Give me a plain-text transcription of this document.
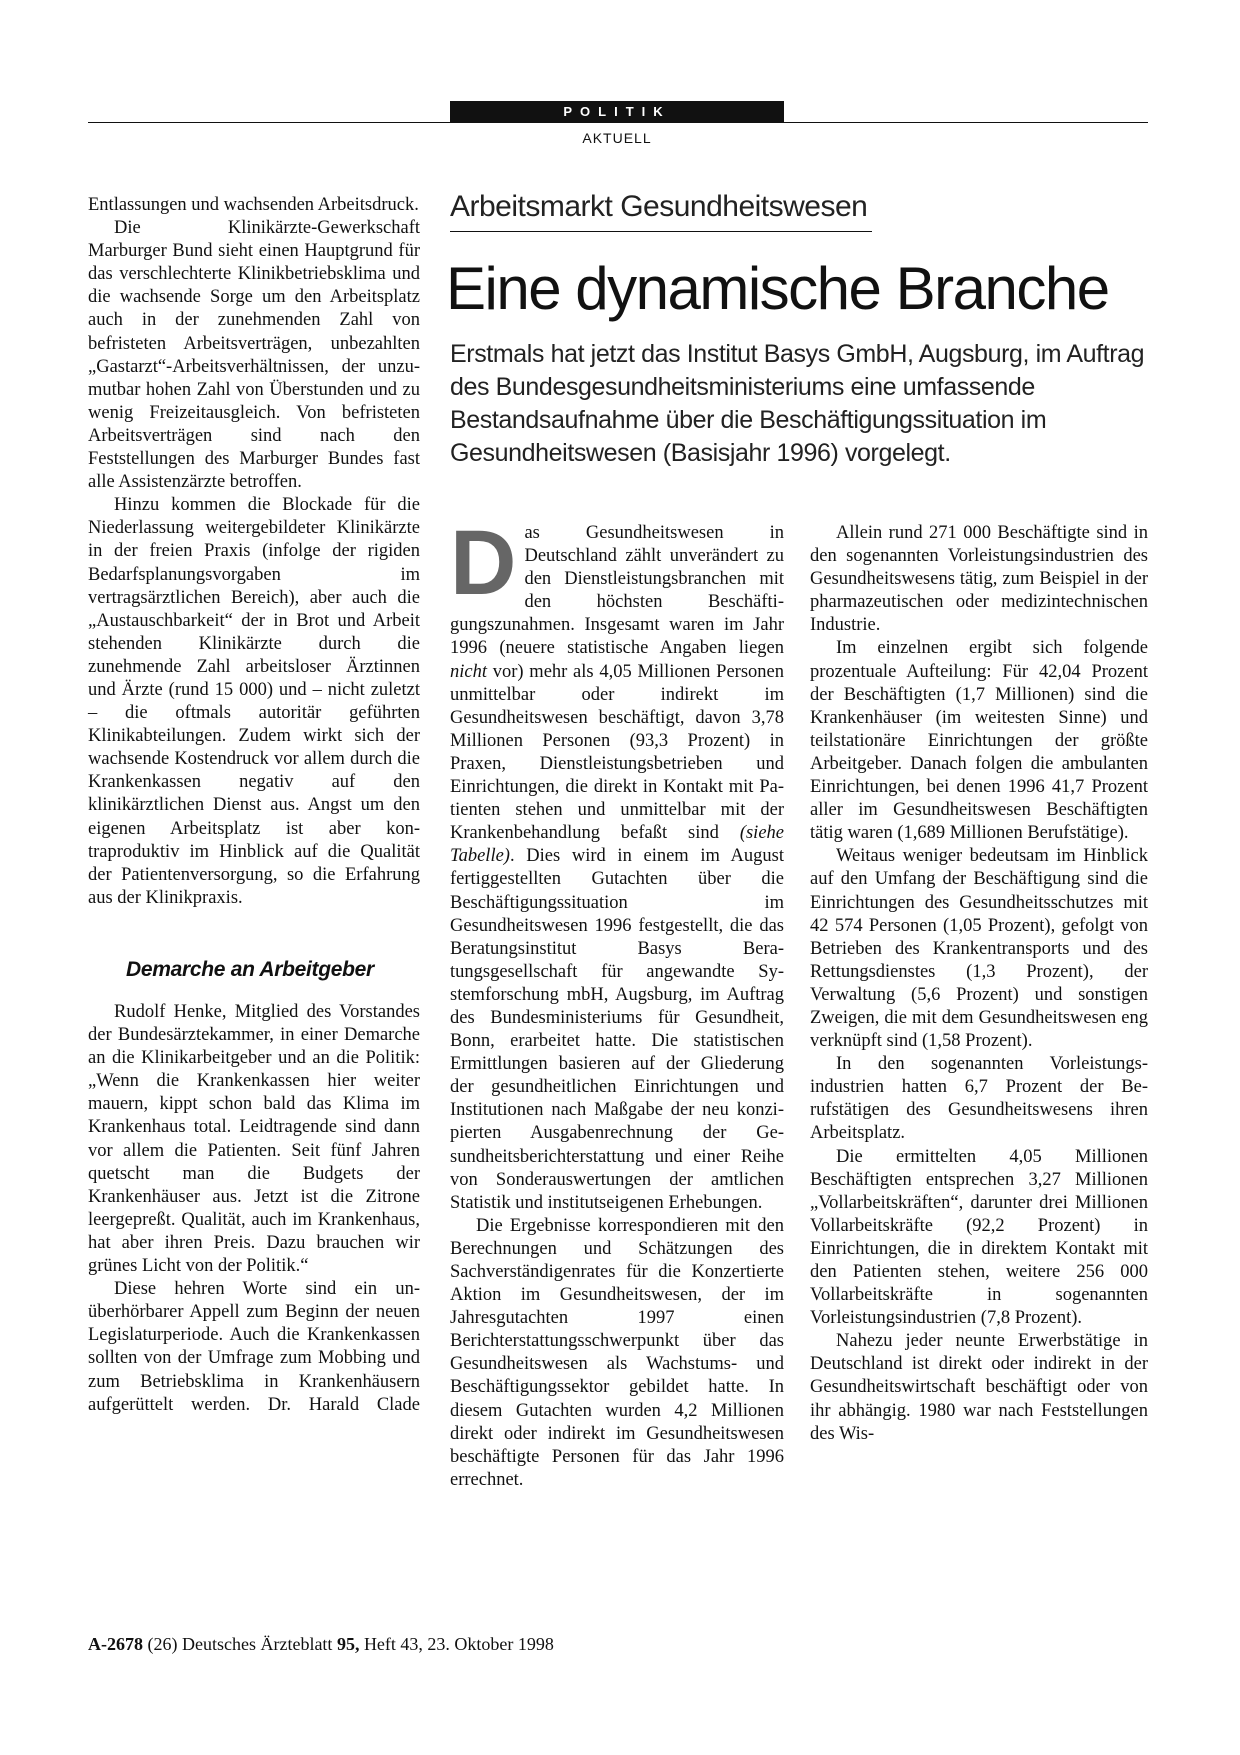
POLITIK
AKTUELL

Entlassungen und wachsenden Arbeitsdruck.

Die Klinikärzte-Gewerkschaft Marburger Bund sieht einen Hauptgrund für das verschlechterte Klinikbetriebsklima und die wachsende Sorge um den Arbeitsplatz auch in der zunehmenden Zahl von befristeten Arbeitsverträgen, unbezahlten „Gastarzt“-Arbeitsverhältnissen, der unzumutbar hohen Zahl von Überstunden und zu wenig Freizeitausgleich. Von befristeten Arbeitsverträgen sind nach den Feststellungen des Marburger Bundes fast alle Assistenzärzte betroffen.

Hinzu kommen die Blockade für die Niederlassung weitergebildeter Klinikärzte in der freien Praxis (infolge der rigiden Bedarfsplanungsvorgaben im vertragsärztlichen Bereich), aber auch die „Austauschbarkeit“ der in Brot und Arbeit stehenden Klinikärzte durch die zunehmende Zahl arbeitsloser Ärztinnen und Ärzte (rund 15 000) und – nicht zuletzt – die oftmals autoritär geführten Klinikabteilungen. Zudem wirkt sich der wachsende Kostendruck vor allem durch die Krankenkassen negativ auf den klinikärztlichen Dienst aus. Angst um den eigenen Arbeitsplatz ist aber kontraproduktiv im Hinblick auf die Qualität der Patientenversorgung, so die Erfahrung aus der Klinikpraxis.

Demarche an Arbeitgeber

Rudolf Henke, Mitglied des Vorstandes der Bundesärztekammer, in einer Demarche an die Klinikarbeitgeber und an die Politik: „Wenn die Krankenkassen hier weiter mauern, kippt schon bald das Klima im Krankenhaus total. Leidtragende sind dann vor allem die Patienten. Seit fünf Jahren quetscht man die Budgets der Krankenhäuser aus. Jetzt ist die Zitrone leergepreßt. Qualität, auch im Krankenhaus, hat aber ihren Preis. Dazu brauchen wir grünes Licht von der Politik.“

Diese hehren Worte sind ein unüberhörbarer Appell zum Beginn der neuen Legislaturperiode. Auch die Krankenkassen sollten von der Umfrage zum Mobbing und zum Betriebsklima in Krankenhäusern aufgerüttelt werden. Dr. Harald Clade

Arbeitsmarkt Gesundheitswesen
Eine dynamische Branche
Erstmals hat jetzt das Institut Basys GmbH, Augsburg, im Auftrag des Bundesgesundheitsministeriums eine umfassende Bestandsaufnahme über die Beschäftigungssituation im Gesundheitswesen (Basisjahr 1996) vorgelegt.

Das Gesundheitswesen in Deutschland zählt unverändert zu den Dienstleistungsbranchen mit den höchsten Beschäftigungszunahmen. Insgesamt waren im Jahr 1996 (neuere statistische Angaben liegen nicht vor) mehr als 4,05 Millionen Personen unmittelbar oder indirekt im Gesundheitswesen beschäftigt, davon 3,78 Millionen Personen (93,3 Prozent) in Praxen, Dienstleistungsbetrieben und Einrichtungen, die direkt in Kontakt mit Patienten stehen und unmittelbar mit der Krankenbehandlung befaßt sind (siehe Tabelle). Dies wird in einem im August fertiggestellten Gutachten über die Beschäftigungssituation im Gesundheitswesen 1996 festgestellt, die das Beratungsinstitut Basys Beratungsgesellschaft für angewandte Systemforschung mbH, Augsburg, im Auftrag des Bundesministeriums für Gesundheit, Bonn, erarbeitet hatte. Die statistischen Ermittlungen basieren auf der Gliederung der gesundheitlichen Einrichtungen und Institutionen nach Maßgabe der neu konzipierten Ausgabenrechnung der Gesundheitsberichterstattung und einer Reihe von Sonderauswertungen der amtlichen Statistik und institutseigenen Erhebungen.

Die Ergebnisse korrespondieren mit den Berechnungen und Schätzungen des Sachverständigenrates für die Konzertierte Aktion im Gesundheitswesen, der im Jahresgutachten 1997 einen Berichterstattungsschwerpunkt über das Gesundheitswesen als Wachstums- und Beschäftigungssektor gebildet hatte. In diesem Gutachten wurden 4,2 Millionen direkt oder indirekt im Gesundheitswesen beschäftigte Personen für das Jahr 1996 errechnet.

Allein rund 271 000 Beschäftigte sind in den sogenannten Vorleistungsindustrien des Gesundheitswesens tätig, zum Beispiel in der pharmazeutischen oder medizintechnischen Industrie.

Im einzelnen ergibt sich folgende prozentuale Aufteilung: Für 42,04 Prozent der Beschäftigten (1,7 Millionen) sind die Krankenhäuser (im weitesten Sinne) und teilstationäre Einrichtungen der größte Arbeitgeber. Danach folgen die ambulanten Einrichtungen, bei denen 1996 41,7 Prozent aller im Gesundheitswesen Beschäftigten tätig waren (1,689 Millionen Berufstätige).

Weitaus weniger bedeutsam im Hinblick auf den Umfang der Beschäftigung sind die Einrichtungen des Gesundheitsschutzes mit 42 574 Personen (1,05 Prozent), gefolgt von Betrieben des Krankentransports und des Rettungsdienstes (1,3 Prozent), der Verwaltung (5,6 Prozent) und sonstigen Zweigen, die mit dem Gesundheitswesen eng verknüpft sind (1,58 Prozent).

In den sogenannten Vorleistungsindustrien hatten 6,7 Prozent der Berufstätigen des Gesundheitswesens ihren Arbeitsplatz.

Die ermittelten 4,05 Millionen Beschäftigten entsprechen 3,27 Millionen „Vollarbeitskräften“, darunter drei Millionen Vollarbeitskräfte (92,2 Prozent) in Einrichtungen, die in direktem Kontakt mit den Patienten stehen, weitere 256 000 Vollarbeitskräfte in sogenannten Vorleistungsindustrien (7,8 Prozent).

Nahezu jeder neunte Erwerbstätige in Deutschland ist direkt oder indirekt in der Gesundheitswirtschaft beschäftigt oder von ihr abhängig. 1980 war nach Feststellungen des Wis-

A-2678 (26) Deutsches Ärzteblatt 95, Heft 43, 23. Oktober 1998
